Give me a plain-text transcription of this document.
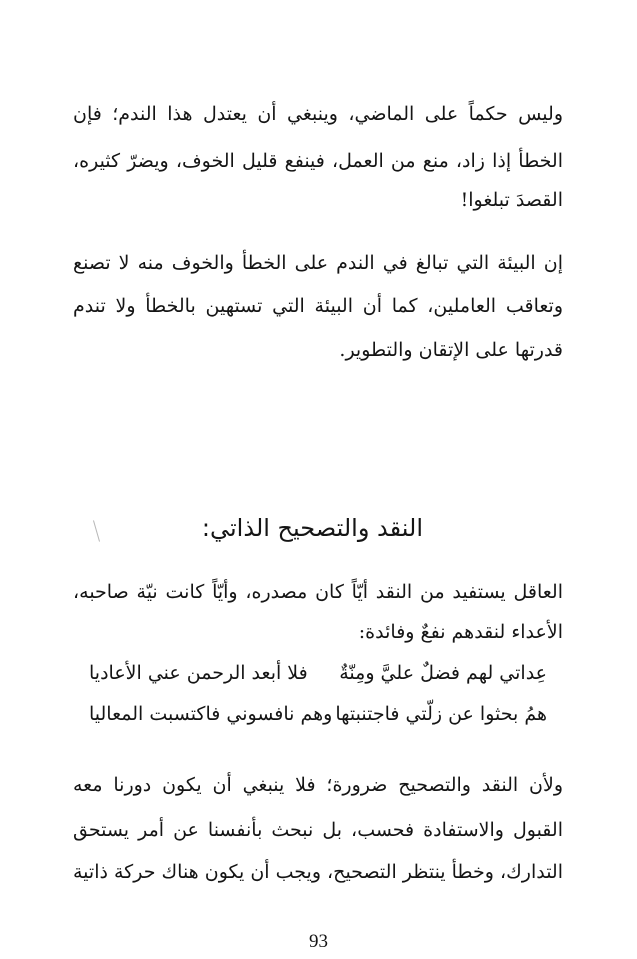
وليس حكماً على الماضي، وينبغي أن يعتدل هذا الندم؛ فإن
الخطأ إذا زاد، منع من العمل، فينفع قليل الخوف، ويضرّ كثيره،
القصدَ تبلغوا!
إن البيئة التي تبالغ في الندم على الخطأ والخوف منه لا تصنع
وتعاقب العاملين، كما أن البيئة التي تستهين بالخطأ ولا تندم
قدرتها على الإتقان والتطوير.
النقد والتصحيح الذاتي:
العاقل يستفيد من النقد أيّاً كان مصدره، وأيّاً كانت نيّة صاحبه،
الأعداء لنقدهم نفعٌ وفائدة:
عِداتي لهم فضلٌ عليَّ ومِنّةٌ
فلا أبعد الرحمن عني الأعاديا
همُ بحثوا عن زلّتي فاجتنبتها
وهم نافسوني فاكتسبت المعاليا
ولأن النقد والتصحيح ضرورة؛ فلا ينبغي أن يكون دورنا معه
القبول والاستفادة فحسب، بل نبحث بأنفسنا عن أمر يستحق
التدارك، وخطأ ينتظر التصحيح، ويجب أن يكون هناك حركة ذاتية
93
